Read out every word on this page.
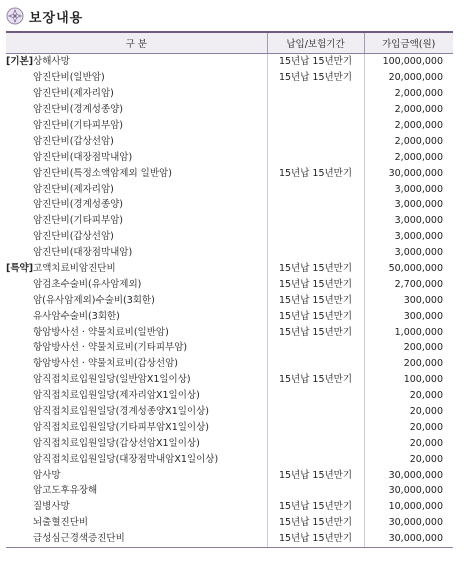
보장내용
구 분	납입/보험기간	가입금액(원)
[기본]상해사망	15년납 15년만기	100,000,000
암진단비(일반암)	15년납 15년만기	20,000,000
암진단비(제자리암)		2,000,000
암진단비(경계성종양)		2,000,000
암진단비(기타피부암)		2,000,000
암진단비(갑상선암)		2,000,000
암진단비(대장점막내암)		2,000,000
암진단비(특정소액암제외 일반암)	15년납 15년만기	30,000,000
암진단비(제자리암)		3,000,000
암진단비(경계성종양)		3,000,000
암진단비(기타피부암)		3,000,000
암진단비(갑상선암)		3,000,000
암진단비(대장점막내암)		3,000,000
[특약]고액치료비암진단비	15년납 15년만기	50,000,000
암검초수술비(유사암제외)	15년납 15년만기	2,700,000
암(유사암제외)수술비(3회한)	15년납 15년만기	300,000
유사암수술비(3회한)	15년납 15년만기	300,000
항암방사선 · 약물치료비(일반암)	15년납 15년만기	1,000,000
항암방사선 · 약물치료비(기타피부암)		200,000
항암방사선 · 약물치료비(갑상선암)		200,000
암직접치료입원일당(일반암X1일이상)	15년납 15년만기	100,000
암직접치료입원일당(제자리암X1일이상)		20,000
암직접치료입원일당(경계성종양X1일이상)		20,000
암직접치료입원일당(기타피부암X1일이상)		20,000
암직접치료입원일당(갑상선암X1일이상)		20,000
암직접치료입원일당(대장점막내암X1일이상)		20,000
암사망	15년납 15년만기	30,000,000
암고도후유장해		30,000,000
질병사망	15년납 15년만기	10,000,000
뇌출혈진단비	15년납 15년만기	30,000,000
급성심근경색증진단비	15년납 15년만기	30,000,000
